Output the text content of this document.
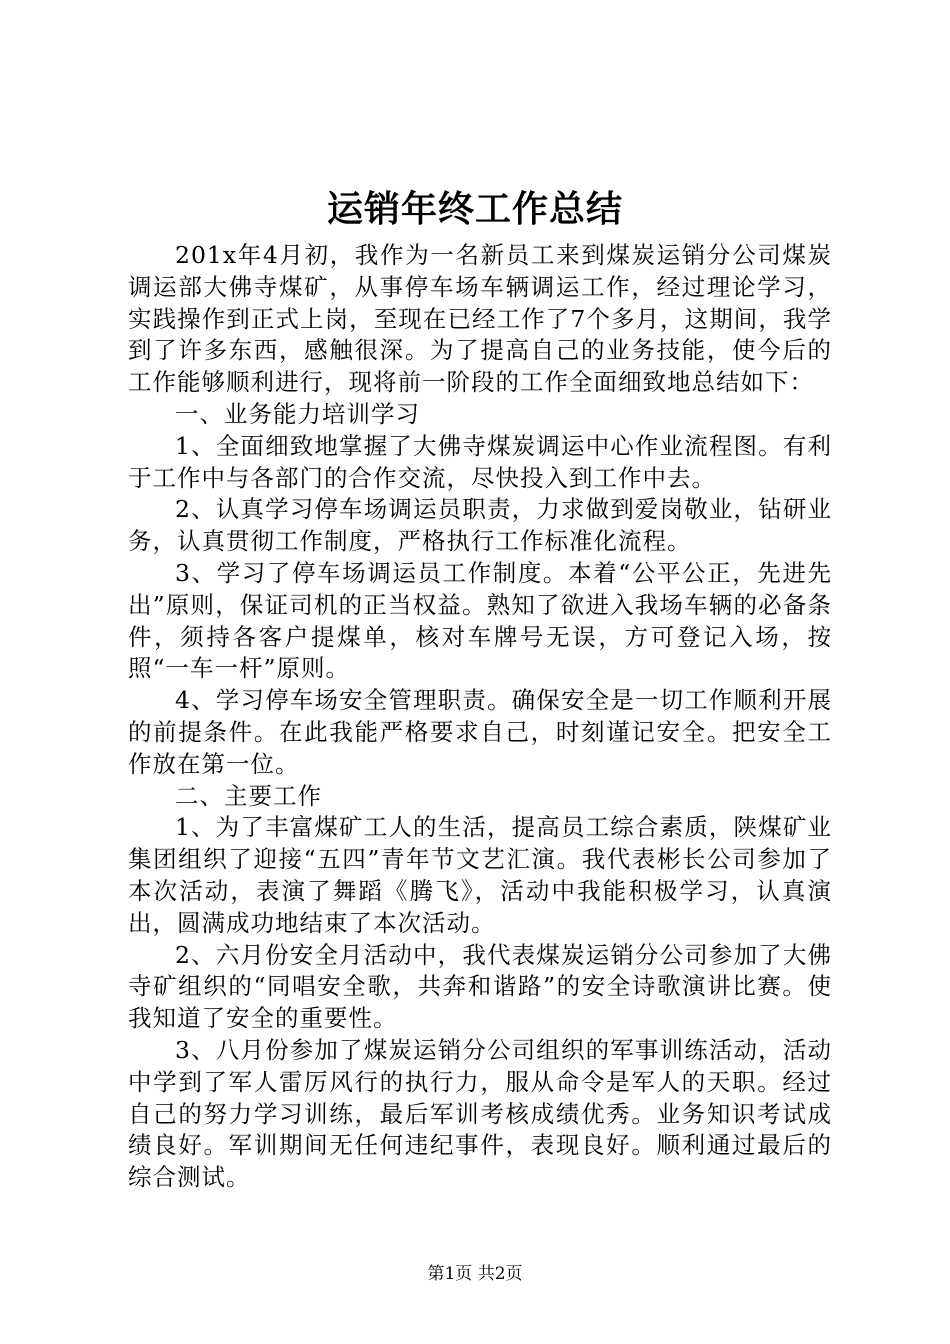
运销年终工作总结

201x年4月初，我作为一名新员工来到煤炭运销分公司煤炭调运部大佛寺煤矿，从事停车场车辆调运工作，经过理论学习，实践操作到正式上岗，至现在已经工作了7个多月，这期间，我学到了许多东西，感触很深。为了提高自己的业务技能，使今后的工作能够顺利进行，现将前一阶段的工作全面细致地总结如下：

一、业务能力培训学习

1、全面细致地掌握了大佛寺煤炭调运中心作业流程图。有利于工作中与各部门的合作交流，尽快投入到工作中去。

2、认真学习停车场调运员职责，力求做到爱岗敬业，钻研业务，认真贯彻工作制度，严格执行工作标准化流程。

3、学习了停车场调运员工作制度。本着“公平公正，先进先出”原则，保证司机的正当权益。熟知了欲进入我场车辆的必备条件，须持各客户提煤单，核对车牌号无误，方可登记入场，按照“一车一杆”原则。

4、学习停车场安全管理职责。确保安全是一切工作顺利开展的前提条件。在此我能严格要求自己，时刻谨记安全。把安全工作放在第一位。

二、主要工作

1、为了丰富煤矿工人的生活，提高员工综合素质，陕煤矿业集团组织了迎接“五四”青年节文艺汇演。我代表彬长公司参加了本次活动，表演了舞蹈《腾飞》，活动中我能积极学习，认真演出，圆满成功地结束了本次活动。

2、六月份安全月活动中，我代表煤炭运销分公司参加了大佛寺矿组织的“同唱安全歌，共奔和谐路”的安全诗歌演讲比赛。使我知道了安全的重要性。

3、八月份参加了煤炭运销分公司组织的军事训练活动，活动中学到了军人雷厉风行的执行力，服从命令是军人的天职。经过自己的努力学习训练，最后军训考核成绩优秀。业务知识考试成绩良好。军训期间无任何违纪事件，表现良好。顺利通过最后的综合测试。

第1页 共2页
